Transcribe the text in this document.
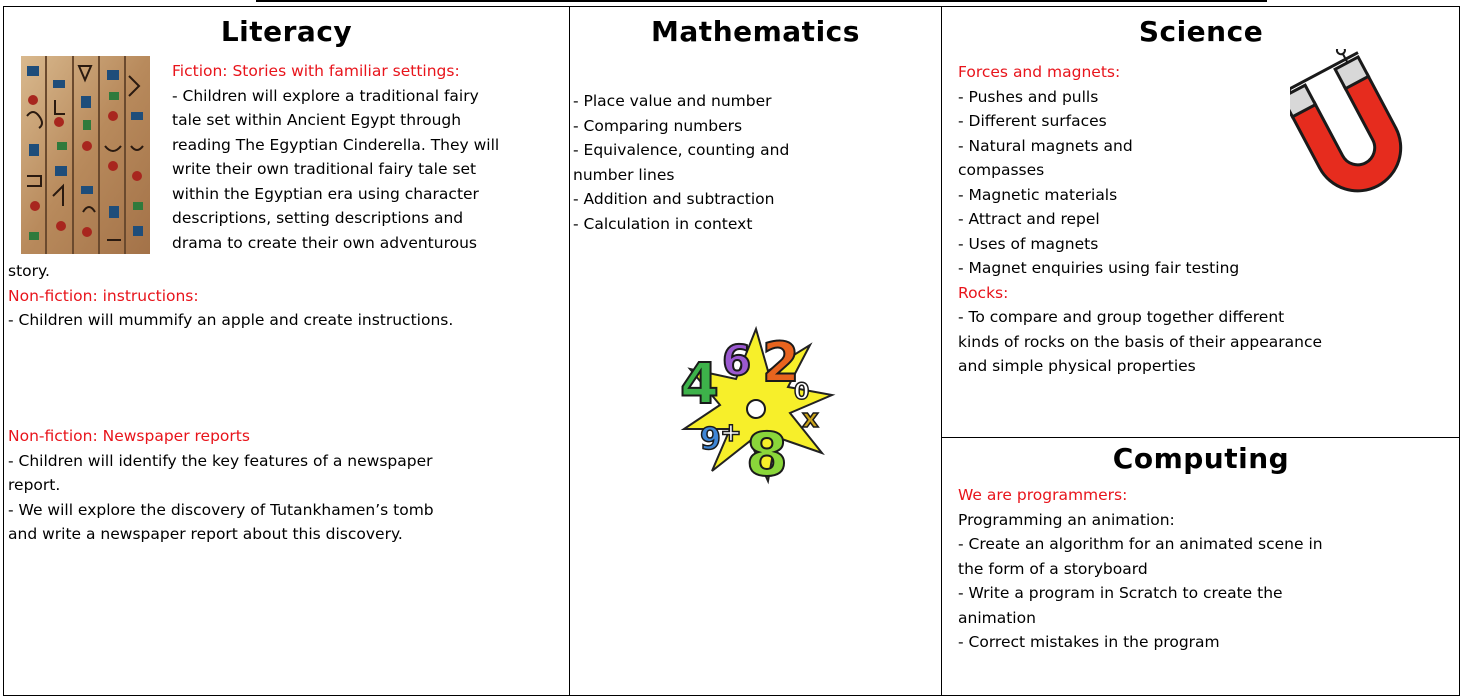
Literacy

Fiction: Stories with familiar settings:

- Children will explore a traditional fairy

tale set within Ancient Egypt through

reading The Egyptian Cinderella. They will

write their own traditional fairy tale set

within the Egyptian era using character

descriptions, setting descriptions and

drama to create their own adventurous

story.

Non-fiction: instructions:

- Children will mummify an apple and create instructions.

Non-fiction: Newspaper reports

- Children will identify the key features of a newspaper

report.

- We will explore the discovery of Tutankhamen’s tomb

and write a newspaper report about this discovery.

Mathematics

- Place value and number

- Comparing numbers

- Equivalence, counting and

number lines

- Addition and subtraction

- Calculation in context

4 6 2
8
9
0
x
+
Science

Forces and magnets:

- Pushes and pulls

- Different surfaces

- Natural magnets and

compasses

- Magnetic materials

- Attract and repel

- Uses of magnets

- Magnet enquiries using fair testing

Rocks:

- To compare and group together different

kinds of rocks on the basis of their appearance

and simple physical properties

Computing

We are programmers:

Programming an animation:

- Create an algorithm for an animated scene in

the form of a storyboard

- Write a program in Scratch to create the

animation

- Correct mistakes in the program
